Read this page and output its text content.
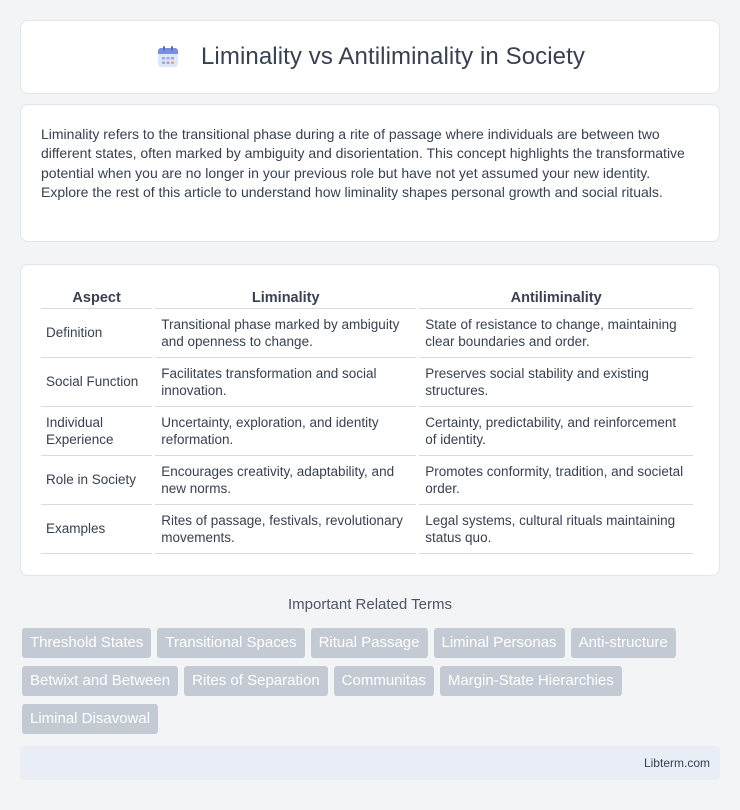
Liminality vs Antiliminality in Society

Liminality refers to the transitional phase during a rite of passage where individuals are between two different states, often marked by ambiguity and disorientation. This concept highlights the transformative potential when you are no longer in your previous role but have not yet assumed your new identity. Explore the rest of this article to understand how liminality shapes personal growth and social rituals.

Aspect	Liminality	Antiliminality
Definition	Transitional phase marked by ambiguity and openness to change.	State of resistance to change, maintaining clear boundaries and order.
Social Function	Facilitates transformation and social innovation.	Preserves social stability and existing structures.
Individual Experience	Uncertainty, exploration, and identity reformation.	Certainty, predictability, and reinforcement of identity.
Role in Society	Encourages creativity, adaptability, and new norms.	Promotes conformity, tradition, and societal order.
Examples	Rites of passage, festivals, revolutionary movements.	Legal systems, cultural rituals maintaining status quo.
Important Related Terms
Threshold States	Transitional Spaces	Ritual Passage	Liminal Personas	Anti-structure
Betwixt and Between	Rites of Separation	Communitas	Margin-State Hierarchies
Liminal Disavowal
Libterm.com
